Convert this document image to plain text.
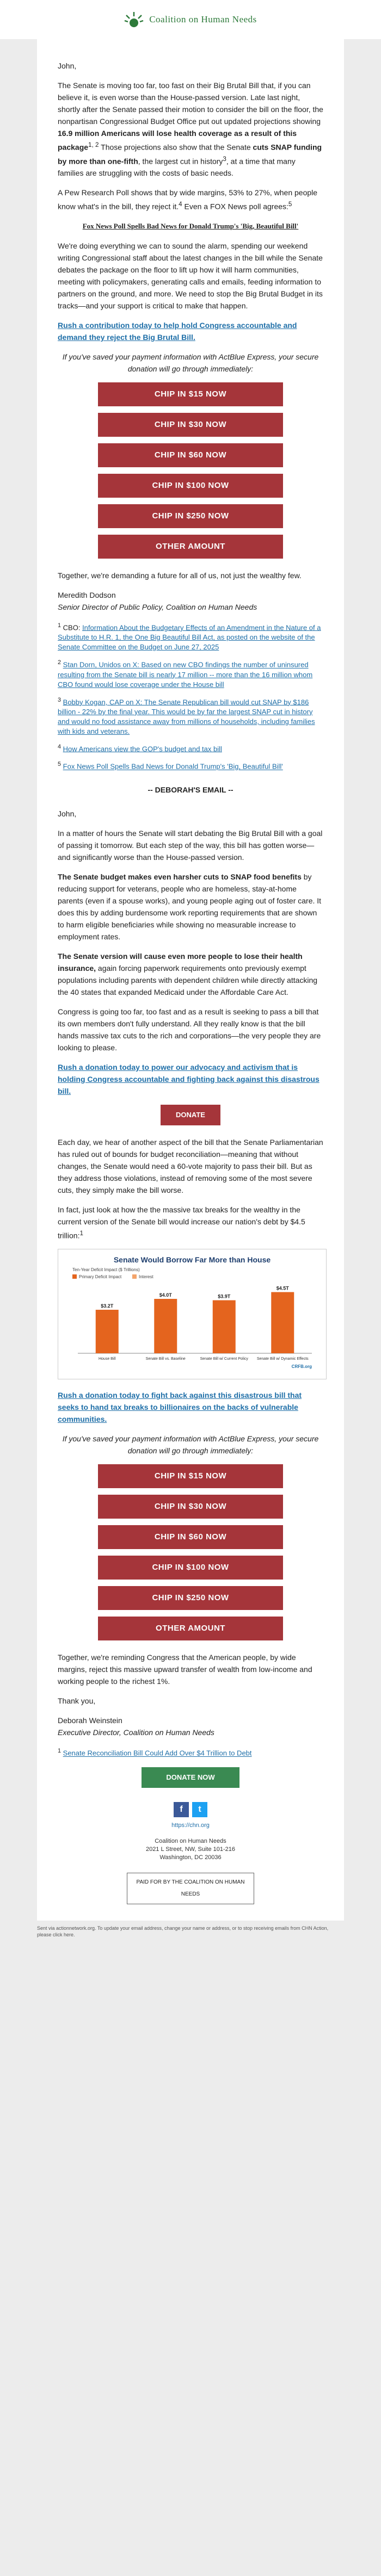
Coalition on Human Needs

John,

The Senate is moving too far, too fast on their Big Brutal Bill that, if you can believe it, is even worse than the House-passed version. Late last night, shortly after the Senate passed their motion to consider the bill on the floor, the nonpartisan Congressional Budget Office put out updated projections showing 16.9 million Americans will lose health coverage as a result of this package$^{1, 2}$ Those projections also show that the Senate cuts SNAP funding by more than one-fifth, the largest cut in history$^3$, at a time that many families are struggling with the costs of basic needs.

A Pew Research Poll shows that by wide margins, 53% to 27%, when people know what's in the bill, they reject it.$^4$ Even a FOX News poll agrees:$^5$

Fox News Poll Spells Bad News for Donald Trump's 'Big, Beautiful Bill'

We're doing everything we can to sound the alarm, spending our weekend writing Congressional staff about the latest changes in the bill while the Senate debates the package on the floor to lift up how it will harm communities, meeting with policymakers, generating calls and emails, feeding information to partners on the ground, and more. We need to stop the Big Brutal Budget in its tracks—and your support is critical to make that happen.

Rush a contribution today to help hold Congress accountable and demand they reject the Big Brutal Bill.

If you've saved your payment information with ActBlue Express, your secure donation will go through immediately:

CHIP IN $15 NOW
CHIP IN $30 NOW
CHIP IN $60 NOW
CHIP IN $100 NOW
CHIP IN $250 NOW
OTHER AMOUNT

Together, we're demanding a future for all of us, not just the wealthy few.

Meredith Dodson
Senior Director of Public Policy, Coalition on Human Needs

$^1$ CBO: Information About the Budgetary Effects of an Amendment in the Nature of a Substitute to H.R. 1, the One Big Beautiful Bill Act, as posted on the website of the Senate Committee on the Budget on June 27, 2025
$^2$ Stan Dorn, Unidos on X: Based on new CBO findings the number of uninsured resulting from the Senate bill is nearly 17 million -- more than the 16 million whom CBO found would lose coverage under the House bill
$^3$ Bobby Kogan, CAP on X: The Senate Republican bill would cut SNAP by $186 billion - 22% by the final year. This would be by far the largest SNAP cut in history and would no food assistance away from millions of households, including families with kids and veterans.
$^4$ How Americans view the GOP's budget and tax bill
$^5$ Fox News Poll Spells Bad News for Donald Trump's 'Big, Beautiful Bill'
-- DEBORAH'S EMAIL --

John,

In a matter of hours the Senate will start debating the Big Brutal Bill with a goal of passing it tomorrow. But each step of the way, this bill has gotten worse—and significantly worse than the House-passed version.

The Senate budget makes even harsher cuts to SNAP food benefits by reducing support for veterans, people who are homeless, stay-at-home parents (even if a spouse works), and young people aging out of foster care. It does this by adding burdensome work reporting requirements that are shown to harm eligible beneficiaries while showing no measurable increase to employment rates.

The Senate version will cause even more people to lose their health insurance, again forcing paperwork requirements onto previously exempt populations including parents with dependent children while directly attacking the 40 states that expanded Medicaid under the Affordable Care Act.

Congress is going too far, too fast and as a result is seeking to pass a bill that its own members don't fully understand. All they really know is that the bill hands massive tax cuts to the rich and corporations—the very people they are looking to please.

Rush a donation today to power our advocacy and activism that is holding Congress accountable and fighting back against this disastrous bill.

DONATE

Each day, we hear of another aspect of the bill that the Senate Parliamentarian has ruled out of bounds for budget reconciliation—meaning that without changes, the Senate would need a 60-vote majority to pass their bill. But as they address those violations, instead of removing some of the most severe cuts, they simply make the bill worse.

In fact, just look at how the the massive tax breaks for the wealthy in the current version of the Senate bill would increase our nation's debt by $4.5 trillion:$^1$

Senate Would Borrow Far More than House
Ten-Year Deficit Impact ($ Trillions)
Primary Deficit Impact	Interest
$3.2T
House Bill
$4.0T
Senate Bill vs. Baseline
$3.9T
Senate Bill w/ Current Policy
$4.5T
Senate Bill w/ Dynamic Effects
CRFB.org

Rush a donation today to fight back against this disastrous bill that seeks to hand tax breaks to billionaires on the backs of vulnerable communities.

If you've saved your payment information with ActBlue Express, your secure donation will go through immediately:

CHIP IN $15 NOW
CHIP IN $30 NOW
CHIP IN $60 NOW
CHIP IN $100 NOW
CHIP IN $250 NOW
OTHER AMOUNT

Together, we're reminding Congress that the American people, by wide margins, reject this massive upward transfer of wealth from low-income and working people to the richest 1%.

Thank you,

Deborah Weinstein
Executive Director, Coalition on Human Needs

$^1$ Senate Reconciliation Bill Could Add Over $4 Trillion to Debt
DONATE NOW
f	t
https://chn.org
Coalition on Human Needs
2021 L Street, NW, Suite 101-216
Washington, DC 20036
PAID FOR BY THE COALITION ON HUMAN NEEDS
Sent via actionnetwork.org. To update your email address, change your name or address, or to stop receiving emails from CHN Action, please click here.
